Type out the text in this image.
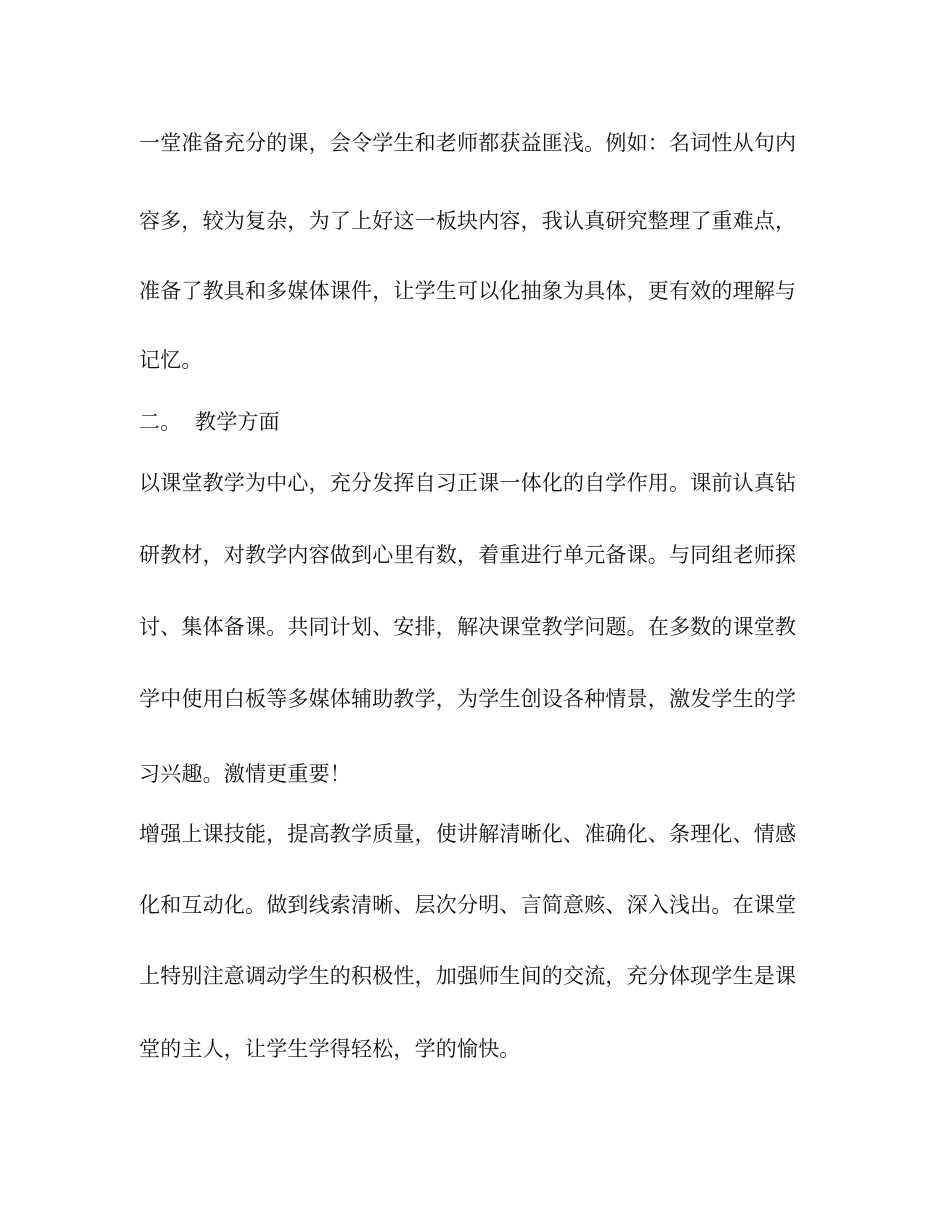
一堂准备充分的课，会令学生和老师都获益匪浅。例如：名词性从句内
容多，较为复杂，为了上好这一板块内容，我认真研究整理了重难点，
准备了教具和多媒体课件，让学生可以化抽象为具体，更有效的理解与
记忆。
二。 教学方面
以课堂教学为中心，充分发挥自习正课一体化的自学作用。课前认真钻
研教材，对教学内容做到心里有数，着重进行单元备课。与同组老师探
讨、集体备课。共同计划、安排，解决课堂教学问题。在多数的课堂教
学中使用白板等多媒体辅助教学，为学生创设各种情景，激发学生的学
习兴趣。激情更重要！
增强上课技能，提高教学质量，使讲解清晰化、准确化、条理化、情感
化和互动化。做到线索清晰、层次分明、言简意赅、深入浅出。在课堂
上特别注意调动学生的积极性，加强师生间的交流，充分体现学生是课
堂的主人，让学生学得轻松，学的愉快。
